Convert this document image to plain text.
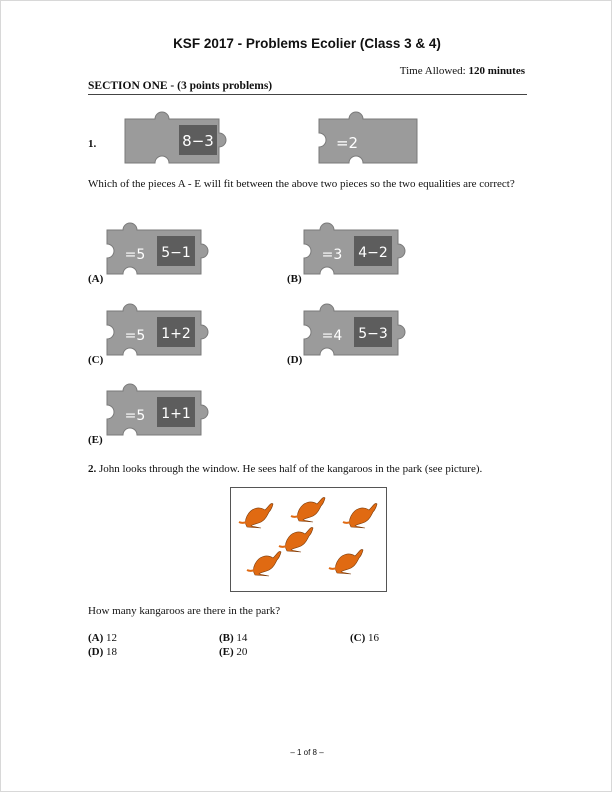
KSF 2017 - Problems Ecolier (Class 3 & 4)
Time Allowed: 120 minutes
SECTION ONE - (3 points problems)
1.	8−3	=2
Which of the pieces A - E will fit between the above two pieces so the two equalities are correct?
=5 5−1
(A)
=3 4−2
(B)
=5 1+2
(C)
=4 5−3
(D)
=5 1+1
(E)
2. John looks through the window. He sees half of the kangaroos in the park (see picture).
How many kangaroos are there in the park?
(A) 12	(B) 14	(C) 16
(D) 18	(E) 20
– 1 of 8 –
